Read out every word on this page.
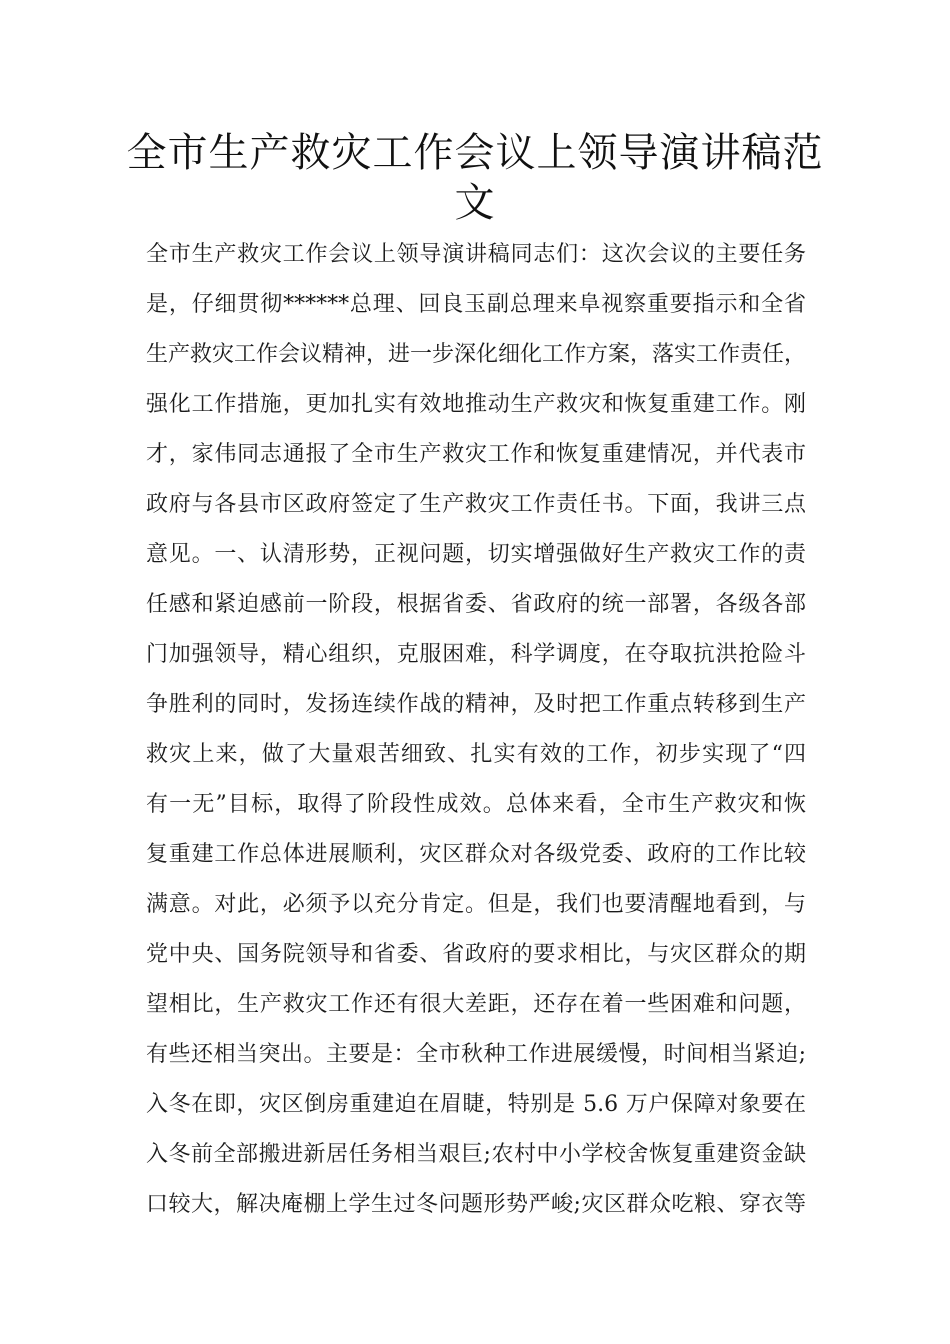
全市生产救灾工作会议上领导演讲稿范
文
全市生产救灾工作会议上领导演讲稿同志们：这次会议的主要任务
是，仔细贯彻******总理、回良玉副总理来阜视察重要指示和全省
生产救灾工作会议精神，进一步深化细化工作方案，落实工作责任，
强化工作措施，更加扎实有效地推动生产救灾和恢复重建工作。刚
才，家伟同志通报了全市生产救灾工作和恢复重建情况，并代表市
政府与各县市区政府签定了生产救灾工作责任书。下面，我讲三点
意见。一、认清形势，正视问题，切实增强做好生产救灾工作的责
任感和紧迫感前一阶段，根据省委、省政府的统一部署，各级各部
门加强领导，精心组织，克服困难，科学调度，在夺取抗洪抢险斗
争胜利的同时，发扬连续作战的精神，及时把工作重点转移到生产
救灾上来，做了大量艰苦细致、扎实有效的工作，初步实现了“四
有一无”目标，取得了阶段性成效。总体来看，全市生产救灾和恢
复重建工作总体进展顺利，灾区群众对各级党委、政府的工作比较
满意。对此，必须予以充分肯定。但是，我们也要清醒地看到，与
党中央、国务院领导和省委、省政府的要求相比，与灾区群众的期
望相比，生产救灾工作还有很大差距，还存在着一些困难和问题，
有些还相当突出。主要是：全市秋种工作进展缓慢，时间相当紧迫;
入冬在即，灾区倒房重建迫在眉睫，特别是 5.6 万户保障对象要在
入冬前全部搬进新居任务相当艰巨;农村中小学校舍恢复重建资金缺
口较大，解决庵棚上学生过冬问题形势严峻;灾区群众吃粮、穿衣等
